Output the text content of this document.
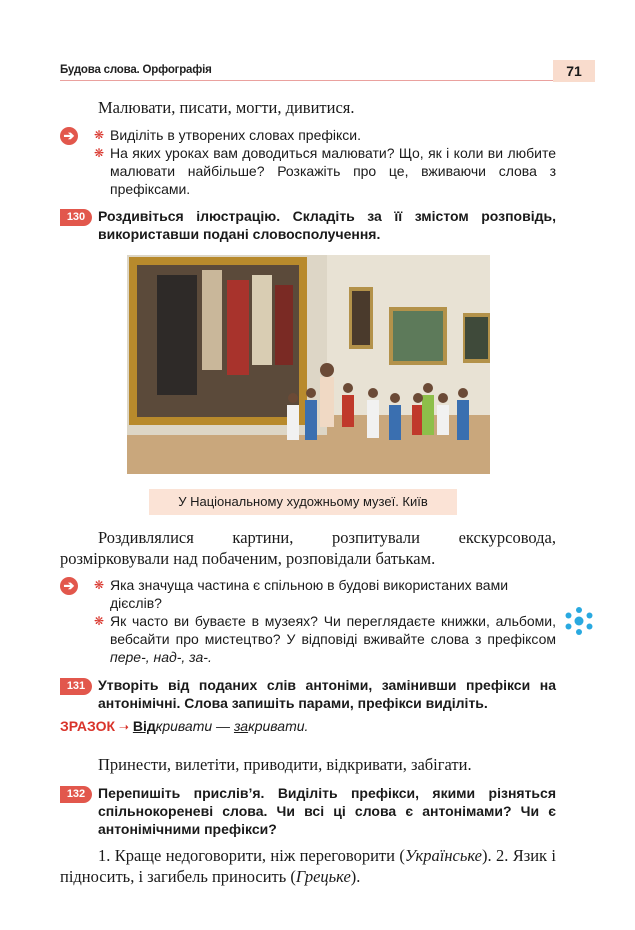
Будова слова. Орфографія	71
Малювати, писати, могти, дивитися.
➔ ❋ Виділіть в утворених словах префікси.
❋ На яких уроках вам доводиться малювати? Що, як і коли ви любите малювати найбільше? Розкажіть про це, вживаючи слова з префіксами.
130 Роздивіться ілюстрацію. Складіть за її змістом розповідь, використавши подані словосполучення.
У Національному художньому музеї. Київ
Роздивлялися картини, розпитували екскурсовода, розмірковували над побаченим, розповідали батькам.
➔ ❋ Яка значуща частина є спільною в будові використаних вами дієслів?
❋ Як часто ви буваєте в музеях? Чи переглядаєте книжки, альбоми, вебсайти про мистецтво? У відповіді вживайте слова з префіксом пере-, над-, за-.
131 Утворіть від поданих слів антоніми, замінивши префікси на антонімічні. Слова запишіть парами, префікси виділіть.
ЗРАЗОК ➝ Відкривати — закривати.
Принести, вилетіти, приводити, відкривати, забігати.
132 Перепишіть прислів’я. Виділіть префікси, якими різняться спільнокореневі слова. Чи всі ці слова є антонімами? Чи є антонімічними префікси?
1. Краще недоговорити, ніж переговорити (Українське). 2. Язик і підносить, і загибель приносить (Грецьке).
